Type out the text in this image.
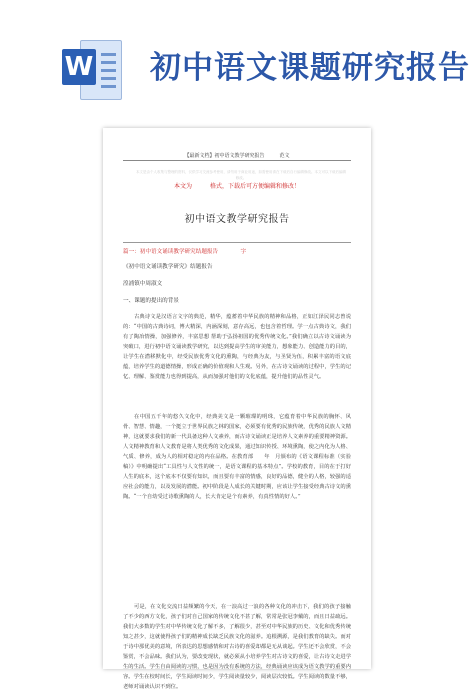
W 初中语文课题研究报告
【最新文档】初中语文教学研究报告　　　范文
本文是由个人收集与整理的资料，仅供学习交流参考使用，请勿用于商业用途，如需使用请在下载后自行编辑修改。本文可以下载后编辑修改。
本文为　　　格式，下载后可方便编辑和修改！
初中语文教学研究报告
篇一：初中语文诵读教学研究结题报告　　　　字
《初中语文诵读教学研究》结题报告
湟浦镇中周淑文
一、课题的提出的背景

古典诗文是汉语言文字的典范，精华，蕴蓄着中华民族的精神和品格，正如江泽民同志曾说的：“中国的古典诗词，博大精深，内涵深刻，意存高远，也包含着哲理。学一点古典诗文，我们有了陶冶情操，加强修养，丰富思想 帮助于弘扬祖国的优秀传统文化。”我们确立以古诗文诵读为突破口，进行初中语文诵读教学研究，以达到提高学生的审美能力，想象能力、创造能力的目的，让学生在潜移默化中，经受民族优秀文化的熏陶，与经典为友，与圣贤为伍，积累丰富的语文底蕴，培养学生的道德情操，形成正确的价值观和人生观。另外，在古诗文诵读的过程中，学生的记忆、理解、鉴赏能力也得到提高，从而加强对他们的文化底蕴，提升他们的品性灵气。

在中国五千年的悠久文化中，经典美文是一颗璀璨的明珠，它蕴育着中华民族的胸怀、风骨、智慧、情趣，一个挺立于世界民族之林的国家，必须要有优秀的民族传统，优秀的民族人文精神，这就要求我们的新一代具备这种人文素养，而古诗文诵读正是培养人文素养的重要精神资源。人文精神教育和人文教育是将人类优秀的文化成果，通过知识传授、环境熏陶，使之内化为人格、气质、修养，成为人的相对稳定的内在品格。在教育部　　年　月颁布的《语文课程标准（实验稿）》中明确提出“工具性与人文性的统一，是语文课程的基本特点”。学校的教育，目的在于打好人生的底本，这个底本不仅要有知识，而且要有丰富的情感，良好的品德，健全的人格，较强的适应社会的能力，以及发展的潜能。初中阶段是人成长的关键时期，应该让学生接受经典古诗文的熏陶。“一个自幼受过诗歌熏陶的人，长大肯定是个有素养，有真性情的好人。”

可是，在文化交流日益频繁的今天，在一浪高过一浪的各种文化的冲击下，我们的孩子接触了不少的西方文化，孩子们对自己国家的传统文化不甚了解，常常是张冠李戴的，而且日益疏远。我们大多数的学生对中华传统文化了解不多，了解很少，甚至对中华民族的历史、文化和优秀传统知之甚少，这就使得孩子们的精神成长缺乏民族文化的滋养。追根溯源，是我们教育的缺失。而对于诗中那优美的意境，所表达的思想感情和对古诗的喜爱却都是无从谈起。学生还不会欣赏，不会鉴赏，不会品味。我们认为，要改变现状，就必须从小培养学生对古诗文的喜爱，让古诗文走进学生的生活。学生自由阅读的习惯，也是因为没有系统的方法，经典诵读应该成为语文教学的重要内容。学生在校时间长，学生阅读时间少，学生阅读量较少，阅读层次较低。学生阅读的数量不够，老师对诵读认识不到位。
